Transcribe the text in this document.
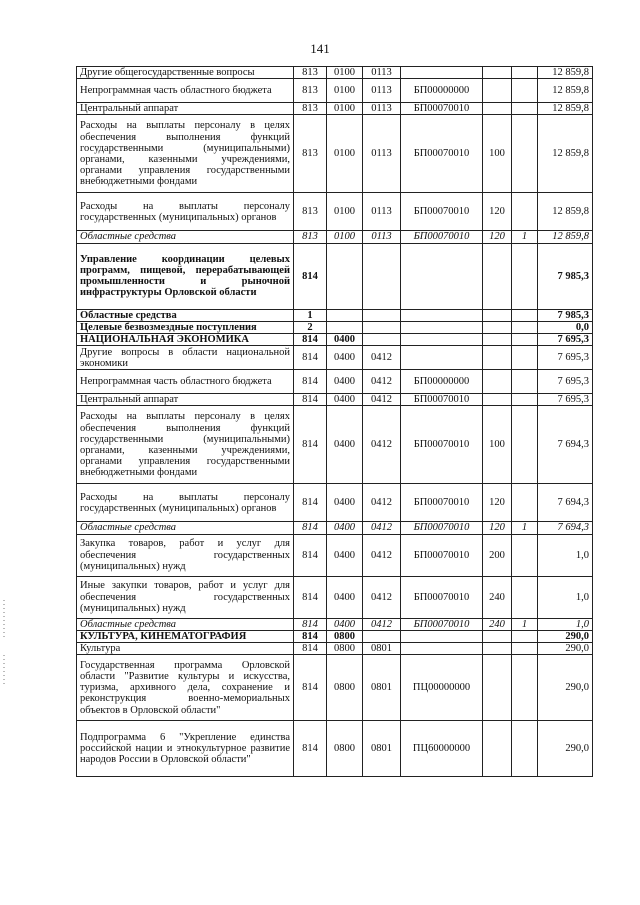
141
Другие общегосударственные вопросы	813	0100	0113				12 859,8
Непрограммная часть областного бюджета	813	0100	0113	БП00000000			12 859,8
Центральный аппарат	813	0100	0113	БП00070010			12 859,8
Расходы на выплаты персоналу в целях обеспечения выполнения функций государственными (муниципальными) органами, казенными учреждениями, органами управления государственными внебюджетными фондами	813	0100	0113	БП00070010	100		12 859,8
Расходы на выплаты персоналу государственных (муниципальных) органов	813	0100	0113	БП00070010	120		12 859,8
Областные средства	813	0100	0113	БП00070010	120	1	12 859,8
Управление координации целевых программ, пищевой, перерабатывающей промышленности и рыночной инфраструктуры Орловской области	814						7 985,3
Областные средства	1						7 985,3
Целевые безвозмездные поступления	2						0,0
НАЦИОНАЛЬНАЯ ЭКОНОМИКА	814	0400					7 695,3
Другие вопросы в области национальной экономики	814	0400	0412				7 695,3
Непрограммная часть областного бюджета	814	0400	0412	БП00000000			7 695,3
Центральный аппарат	814	0400	0412	БП00070010			7 695,3
Расходы на выплаты персоналу в целях обеспечения выполнения функций государственными (муниципальными) органами, казенными учреждениями, органами управления государственными внебюджетными фондами	814	0400	0412	БП00070010	100		7 694,3
Расходы на выплаты персоналу государственных (муниципальных) органов	814	0400	0412	БП00070010	120		7 694,3
Областные средства	814	0400	0412	БП00070010	120	1	7 694,3
Закупка товаров, работ и услуг для обеспечения государственных (муниципальных) нужд	814	0400	0412	БП00070010	200		1,0
Иные закупки товаров, работ и услуг для обеспечения государственных (муниципальных) нужд	814	0400	0412	БП00070010	240		1,0
Областные средства	814	0400	0412	БП00070010	240	1	1,0
КУЛЬТУРА, КИНЕМАТОГРАФИЯ	814	0800					290,0
Культура	814	0800	0801				290,0
Государственная программа Орловской области "Развитие культуры и искусства, туризма, архивного дела, сохранение и реконструкция военно-мемориальных объектов в Орловской области"	814	0800	0801	ПЦ00000000			290,0
Подпрограмма 6 "Укрепление единства российской нации и этнокультурное развитие народов России в Орловской области"	814	0800	0801	ПЦ60000000			290,0
